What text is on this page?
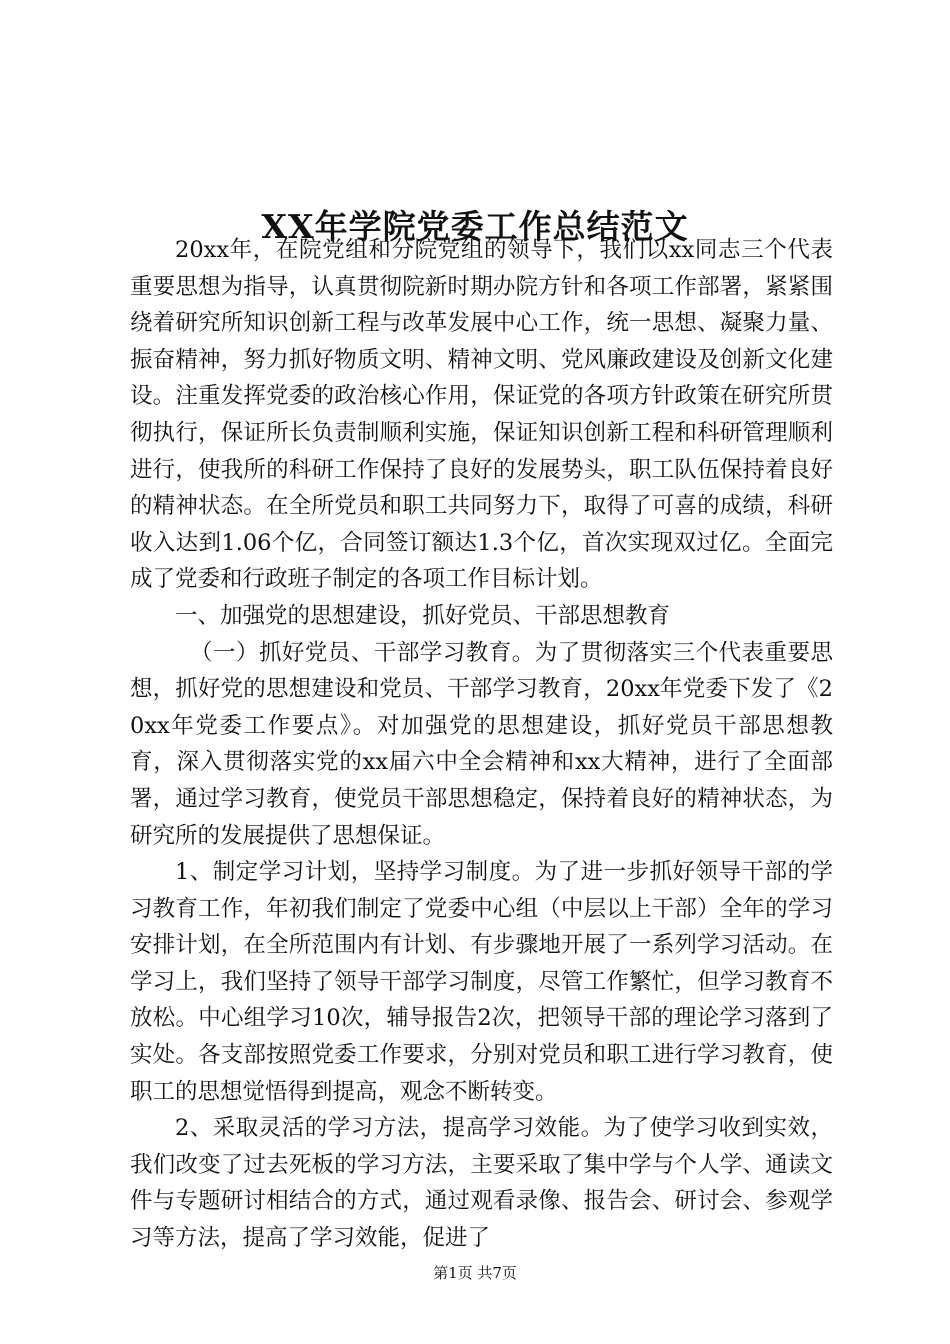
XX年学院党委工作总结范文

20xx年，在院党组和分院党组的领导下，我们以xx同志三个代表重要思想为指导，认真贯彻院新时期办院方针和各项工作部署，紧紧围绕着研究所知识创新工程与改革发展中心工作，统一思想、凝聚力量、振奋精神，努力抓好物质文明、精神文明、党风廉政建设及创新文化建设。注重发挥党委的政治核心作用，保证党的各项方针政策在研究所贯彻执行，保证所长负责制顺利实施，保证知识创新工程和科研管理顺利进行，使我所的科研工作保持了良好的发展势头，职工队伍保持着良好的精神状态。在全所党员和职工共同努力下，取得了可喜的成绩，科研收入达到1.06个亿，合同签订额达1.3个亿，首次实现双过亿。全面完成了党委和行政班子制定的各项工作目标计划。

一、加强党的思想建设，抓好党员、干部思想教育

（一）抓好党员、干部学习教育。为了贯彻落实三个代表重要思想，抓好党的思想建设和党员、干部学习教育，20xx年党委下发了《20xx年党委工作要点》。对加强党的思想建设，抓好党员干部思想教育，深入贯彻落实党的xx届六中全会精神和xx大精神，进行了全面部署，通过学习教育，使党员干部思想稳定，保持着良好的精神状态，为研究所的发展提供了思想保证。

1、制定学习计划，坚持学习制度。为了进一步抓好领导干部的学习教育工作，年初我们制定了党委中心组（中层以上干部）全年的学习安排计划，在全所范围内有计划、有步骤地开展了一系列学习活动。在学习上，我们坚持了领导干部学习制度，尽管工作繁忙，但学习教育不放松。中心组学习10次，辅导报告2次，把领导干部的理论学习落到了实处。各支部按照党委工作要求，分别对党员和职工进行学习教育，使职工的思想觉悟得到提高，观念不断转变。

2、采取灵活的学习方法，提高学习效能。为了使学习收到实效，我们改变了过去死板的学习方法，主要采取了集中学与个人学、通读文件与专题研讨相结合的方式，通过观看录像、报告会、研讨会、参观学习等方法，提高了学习效能，促进了

第1页 共7页
